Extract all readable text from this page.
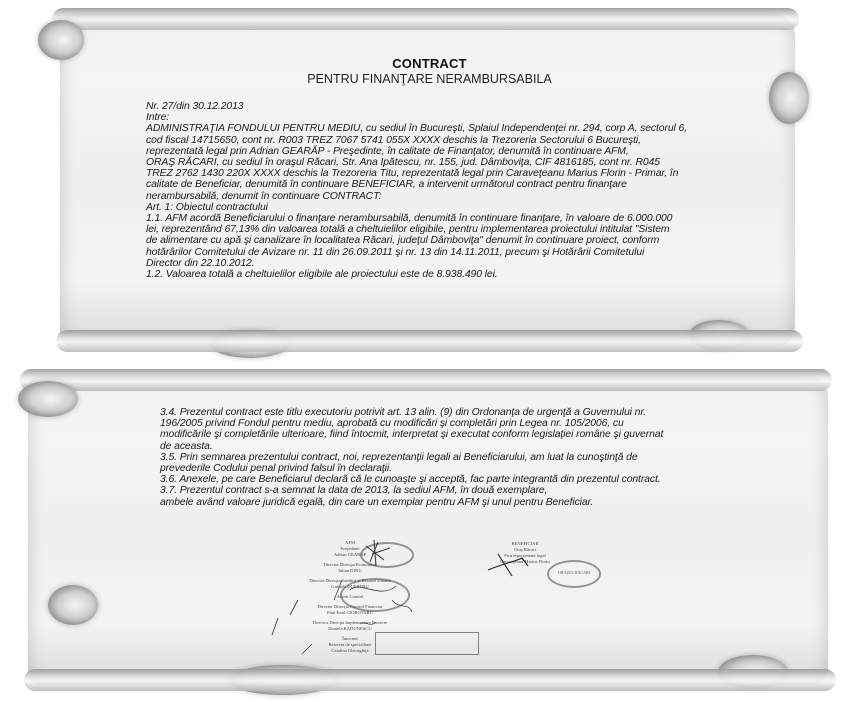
CONTRACT
PENTRU FINANŢARE NERAMBURSABILA

Nr. 27/din 30.12.2013

Intre:

ADMINISTRAŢIA FONDULUI PENTRU MEDIU, cu sediul în Bucureşti, Splaiul Independenţei nr. 294, corp A, sectorul 6,

cod fiscal 14715650, cont nr. R003 TREZ 7067 5741 055X XXXX deschis la Trezoreria Sectorului 6 Bucureşti,

reprezentată legal prin Adrian GEARĂP - Preşedinte, în calitate de Finanţator, denumită în continuare AFM,

ORAŞ RĂCARI, cu sediul în oraşul Răcari, Str. Ana Ipătescu, nr. 155, jud. Dâmboviţa, CIF 4816185, cont nr. R045

TREZ 2762 1430 220X XXXX deschis la Trezoreria Titu, reprezentată legal prin Caraveţeanu Marius Florin - Primar, în

calitate de Beneficiar, denumită în continuare BENEFICIAR, a intervenit următorul contract pentru finanţare

nerambursabilă, denumit în continuare CONTRACT:

Art. 1: Obiectul contractului

1.1. AFM acordă Beneficiarului o finanţare nerambursabilă, denumită în continuare finanţare, în valoare de 6.000.000

lei, reprezentând 67,13% din valoarea totală a cheltuielilor eligibile, pentru implementarea proiectului intitulat "Sistem

de alimentare cu apă şi canalizare în localitatea Răcari, judeţul Dâmboviţa" denumit în continuare proiect, conform

hotărârilor Comitetului de Avizare nr. 11 din 26.09.2011 şi nr. 13 din 14.11.2011, precum şi Hotărârii Comitetului

Director din 22.10.2012.

1.2. Valoarea totală a cheltuielilor eligibile ale proiectului este de 8.938.490 lei.

3.4. Prezentul contract este titlu executoriu potrivit art. 13 alin. (9) din Ordonanţa de urgenţă a Guvernului nr.

196/2005 privind Fondul pentru mediu, aprobată cu modificări şi completări prin Legea nr. 105/2006, cu

modificările şi completările ulterioare, fiind întocmit, interpretat şi executat conform legislaţiei române şi guvernat

de aceasta.

3.5. Prin semnarea prezentului contract, noi, reprezentanţii legali ai Beneficiarului, am luat la cunoştinţă de

prevederile Codului penal privind falsul în declaraţii.

3.6. Anexele, pe care Beneficiarul declară că le cunoaşte şi acceptă, fac parte integrantă din prezentul contract.

3.7. Prezentul contract s-a semnat la data de 2013, la sediul AFM, în două exemplare,

ambele având valoare juridică egală, din care un exemplar pentru AFM şi unul pentru Beneficiar.

AFM
Preşedinte
Adrian GEARĂP
Director Direcţia Economică
Iulian DINU
Director Direcţia Juridică şi Resurse Umane
Gratiela DUMITRU
Avizat Control
Director Direcţia Control Financiar
Paul Emil CIOBOTARU
Director Direcţia Implementare Proiecte
Daniela RADUNESCU
Întocmit
Referent de specialitate
Catalina Gheorghiţă
BENEFICIAR
Oraş Răcari
Prin reprezentant legal
Caraveţeanu Marius Florin
ORAŞUL RĂCARI
